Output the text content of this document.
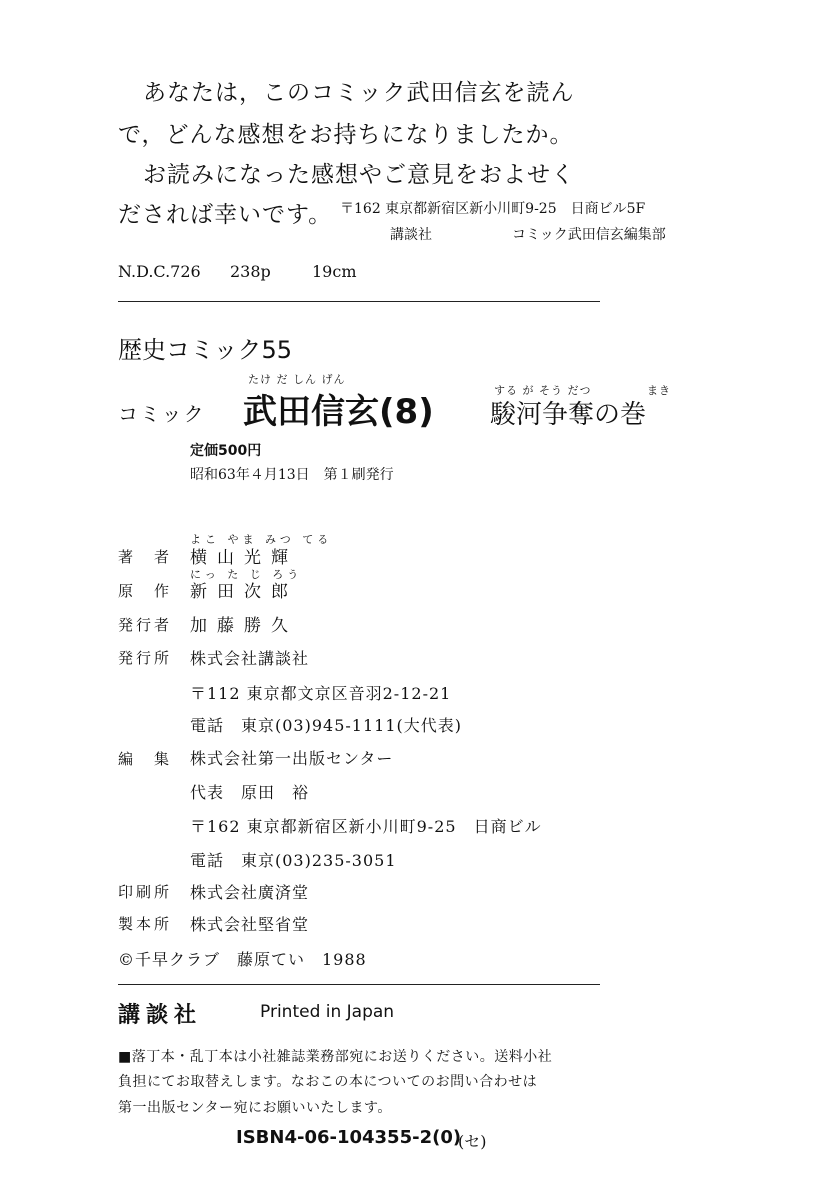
あなたは，このコミック武田信玄を読ん
で，どんな感想をお持ちになりましたか。
お読みになった感想やご意見をおよせく
だされば幸いです。 〒162 東京都新宿区新小川町9-25　日商ビル5F
講談社	コミック武田信玄編集部
N.D.C.726 238p	19cm
歴史コミック55
たけ だ しん げん
する が そう だつ	まき
コミック 武田信玄(8) 駿河争奪の巻
定価500円
昭和63年４月13日　第１刷発行
よこ やま みつ てる
著　者 横山光輝
にっ た じ ろう
原　作 新田次郎
発行者 加藤勝久
発行所 株式会社講談社
〒112 東京都文京区音羽2-12-21
電話　東京(03)945-1111(大代表)
編　集 株式会社第一出版センター
代表　原田　裕
〒162 東京都新宿区新小川町9-25　日商ビル
電話　東京(03)235-3051
印刷所 株式会社廣済堂
製本所 株式会社堅省堂
©千早クラブ　藤原てい　1988
講談社	Printed in Japan
■落丁本・乱丁本は小社雑誌業務部宛にお送りください。送料小社
負担にてお取替えします。なおこの本についてのお問い合わせは
第一出版センター宛にお願いいたします。
ISBN4-06-104355-2(0)
(セ)
